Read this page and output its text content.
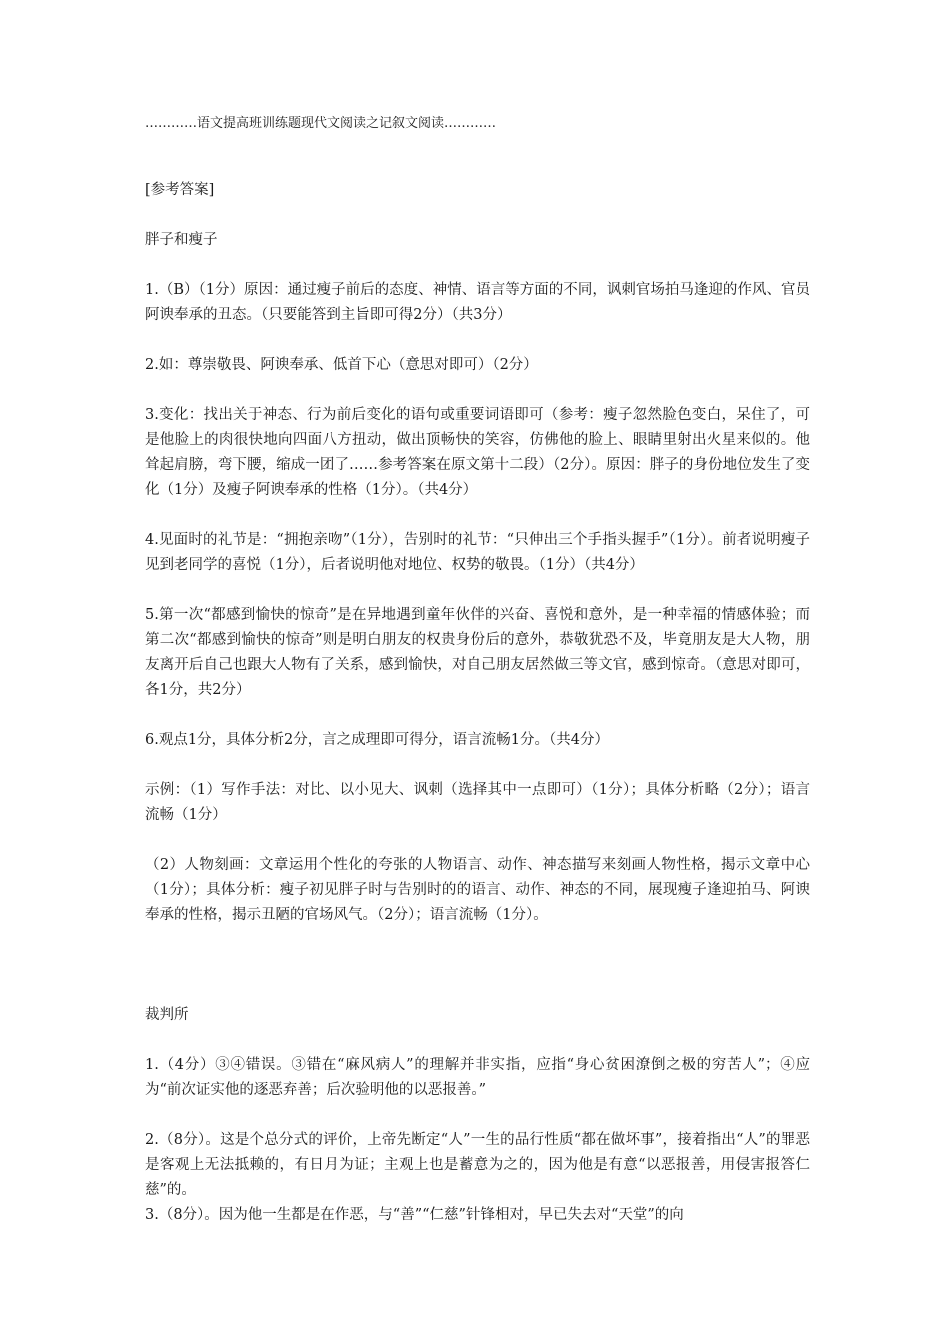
…………语文提高班训练题现代文阅读之记叙文阅读…………

[参考答案]

胖子和瘦子

1.（B）（1分）原因：通过瘦子前后的态度、神情、语言等方面的不同，讽刺官场拍马逢迎的作风、官员阿谀奉承的丑态。（只要能答到主旨即可得2分）（共3分）

2.如：尊崇敬畏、阿谀奉承、低首下心（意思对即可）（2分）

3.变化：找出关于神态、行为前后变化的语句或重要词语即可（参考：瘦子忽然脸色变白，呆住了，可是他脸上的肉很快地向四面八方扭动，做出顶畅快的笑容，仿佛他的脸上、眼睛里射出火星来似的。他耸起肩膀，弯下腰，缩成一团了……参考答案在原文第十二段）（2分）。原因：胖子的身份地位发生了变化（1分）及瘦子阿谀奉承的性格（1分）。（共4分）

4.见面时的礼节是：“拥抱亲吻”（1分），告别时的礼节：“只伸出三个手指头握手”（1分）。前者说明瘦子见到老同学的喜悦（1分），后者说明他对地位、权势的敬畏。（1分）（共4分）

5.第一次“都感到愉快的惊奇”是在异地遇到童年伙伴的兴奋、喜悦和意外，是一种幸福的情感体验；而第二次“都感到愉快的惊奇”则是明白朋友的权贵身份后的意外，恭敬犹恐不及，毕竟朋友是大人物，朋友离开后自己也跟大人物有了关系，感到愉快，对自己朋友居然做三等文官，感到惊奇。（意思对即可，各1分，共2分）

6.观点1分，具体分析2分，言之成理即可得分，语言流畅1分。（共4分）

示例：（1）写作手法：对比、以小见大、讽刺（选择其中一点即可）（1分）；具体分析略（2分）；语言流畅（1分）

（2）人物刻画：文章运用个性化的夸张的人物语言、动作、神态描写来刻画人物性格，揭示文章中心（1分）；具体分析：瘦子初见胖子时与告别时的的语言、动作、神态的不同，展现瘦子逢迎拍马、阿谀奉承的性格，揭示丑陋的官场风气。（2分）；语言流畅（1分）。

裁判所

1.（4分）③④错误。③错在“麻风病人”的理解并非实指，应指“身心贫困潦倒之极的穷苦人”；④应为“前次证实他的逐恶弃善；后次验明他的以恶报善。”

2.（8分）。这是个总分式的评价，上帝先断定“人”一生的品行性质“都在做坏事”，接着指出“人”的罪恶是客观上无法抵赖的，有日月为证；主观上也是蓄意为之的，因为他是有意“以恶报善，用侵害报答仁慈”的。

3.（8分）。因为他一生都是在作恶，与“善”“仁慈”针锋相对，早已失去对“天堂”的向
